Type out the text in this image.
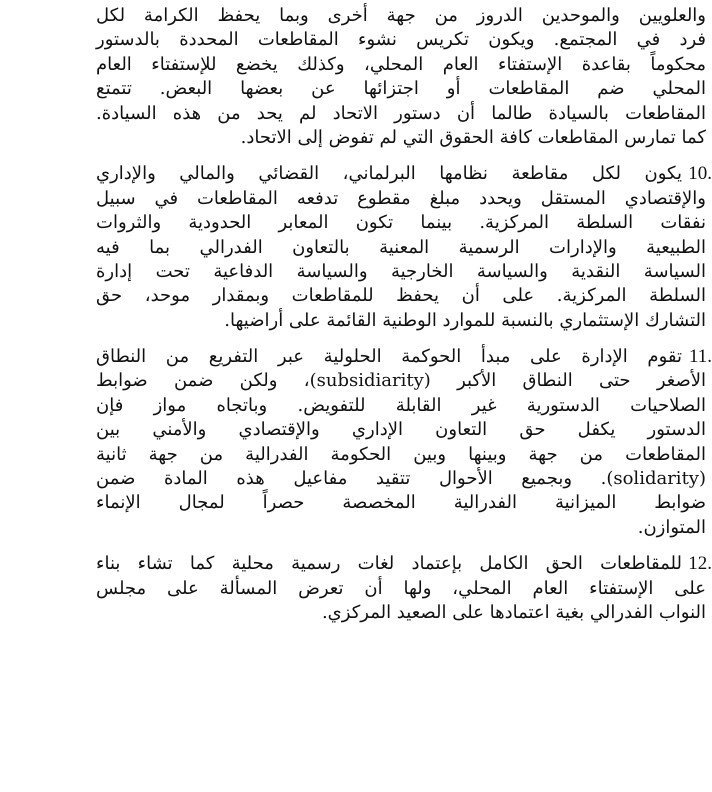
والعلويين والموحدين الدروز من جهة أخرى وبما يحفظ الكرامة لكل
فرد في المجتمع. ويكون تكريس نشوء المقاطعات المحددة بالدستور
محكوماً بقاعدة الإستفتاء العام المحلي، وكذلك يخضع للإستفتاء العام
المحلي ضم المقاطعات أو اجتزائها عن بعضها البعض. تتمتع
المقاطعات بالسيادة طالما أن دستور الاتحاد لم يحد من هذه السيادة.
كما تمارس المقاطعات كافة الحقوق التي لم تفوض إلى الاتحاد.
10.
يكون لكل مقاطعة نظامها البرلماني، القضائي والمالي والإداري
والإقتصادي المستقل ويحدد مبلغ مقطوع تدفعه المقاطعات في سبيل
نفقات السلطة المركزية. بينما تكون المعابر الحدودية والثروات
الطبيعية والإدارات الرسمية المعنية بالتعاون الفدرالي بما فيه
السياسة النقدية والسياسة الخارجية والسياسة الدفاعية تحت إدارة
السلطة المركزية. على أن يحفظ للمقاطعات وبمقدار موحد، حق
التشارك الإستثماري بالنسبة للموارد الوطنية القائمة على أراضيها.
11.
تقوم الإدارة على مبدأ الحوكمة الحلولية عبر التفريع من النطاق
الأصغر حتى النطاق الأكبر (subsidiarity)، ولكن ضمن ضوابط
الصلاحيات الدستورية غير القابلة للتفويض. وباتجاه مواز فإن
الدستور يكفل حق التعاون الإداري والإقتصادي والأمني بين
المقاطعات من جهة وبينها وبين الحكومة الفدرالية من جهة ثانية
(solidarity). وبجميع الأحوال تتقيد مفاعيل هذه المادة ضمن
ضوابط الميزانية الفدرالية المخصصة حصراً لمجال الإنماء
المتوازن.
12.
للمقاطعات الحق الكامل بإعتماد لغات رسمية محلية كما تشاء بناء
على الإستفتاء العام المحلي، ولها أن تعرض المسألة على مجلس
النواب الفدرالي بغية اعتمادها على الصعيد المركزي.
